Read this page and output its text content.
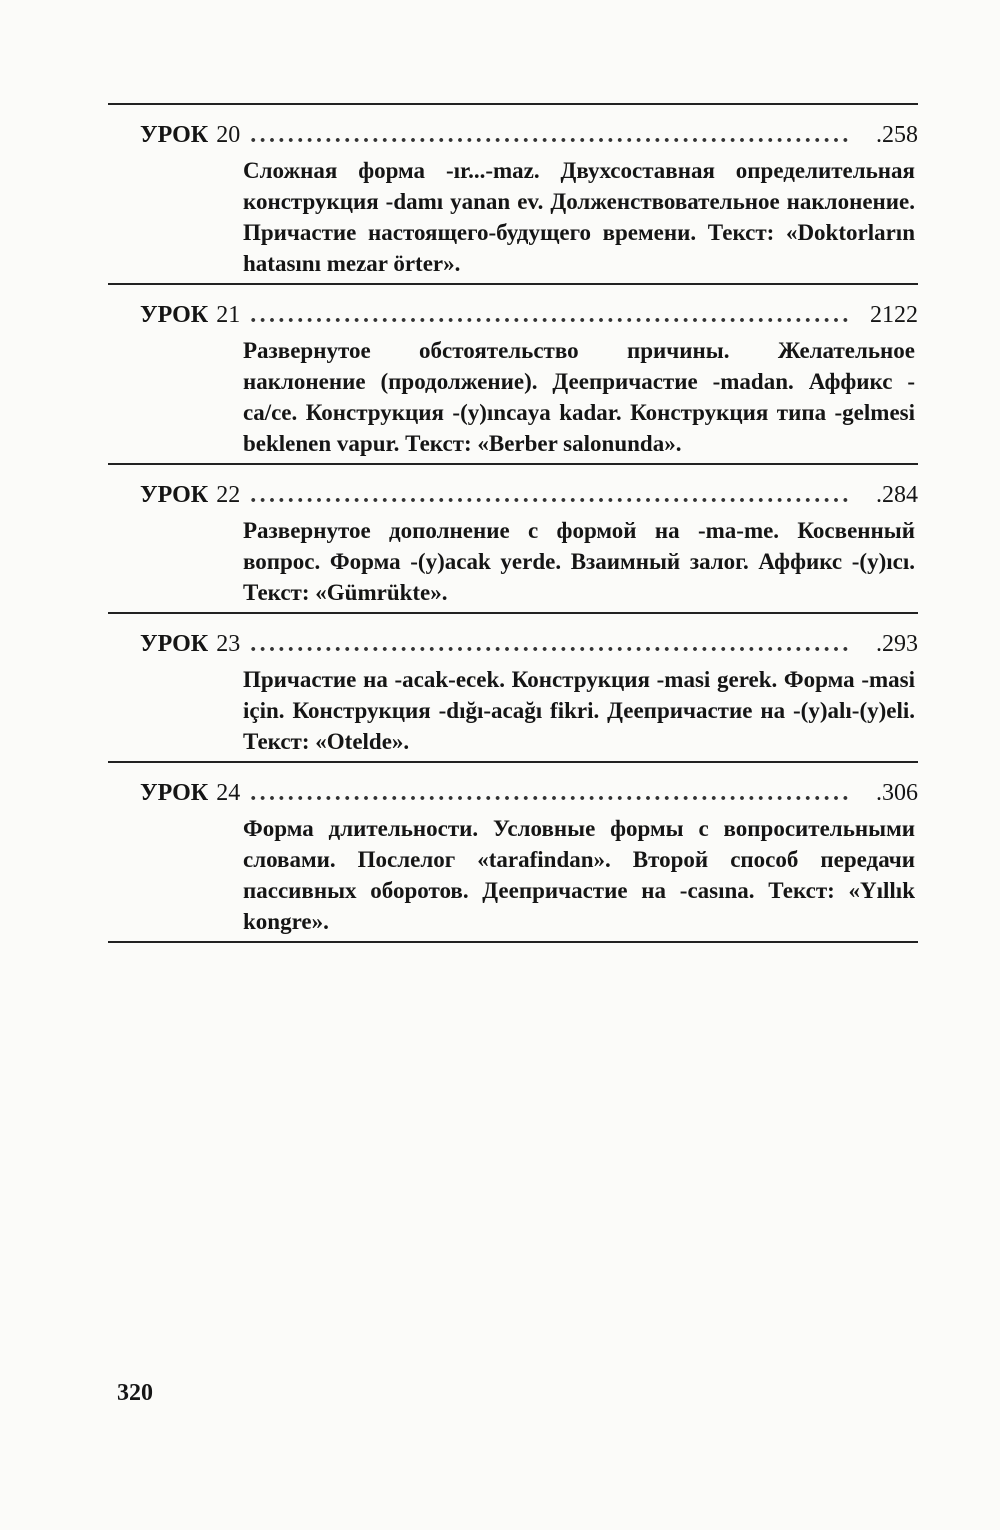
УРОК 20 ................................................................	.258
Сложная форма -ır...-maz. Двухсоставная определительная конструкция -damı yanan ev. Долженствовательное наклонение. Причастие настоящего-будущего времени. Текст: «Doktorların hatasını mezar örter».
УРОК 21 ................................................................ 2122
Развернутое обстоятельство причины. Желательное наклонение (продолжение). Деепричастие -madan. Аффикс -ca/ce. Конструкция -(y)ıncaya kadar. Конструкция типа -gelmesi beklenen vapur. Текст: «Berber salonunda».
УРОК 22 ................................................................	.284
Развернутое дополнение с формой на -ma-me. Косвенный вопрос. Форма -(y)acak yerde. Взаимный залог. Аффикс -(y)ıcı. Текст: «Gümrükte».
УРОК 23 ................................................................	.293
Причастие на -acak-ecek. Конструкция -masi gerek. Форма -masi için. Конструкция -dığı-acağı fikri. Деепричастие на -(y)alı-(y)eli. Текст: «Otelde».
УРОК 24 ................................................................	.306
Форма длительности. Условные формы с вопросительными словами. Послелог «tarafindan». Второй способ передачи пассивных оборотов. Деепричастие на -casına. Текст: «Yıllık kongre».
320
